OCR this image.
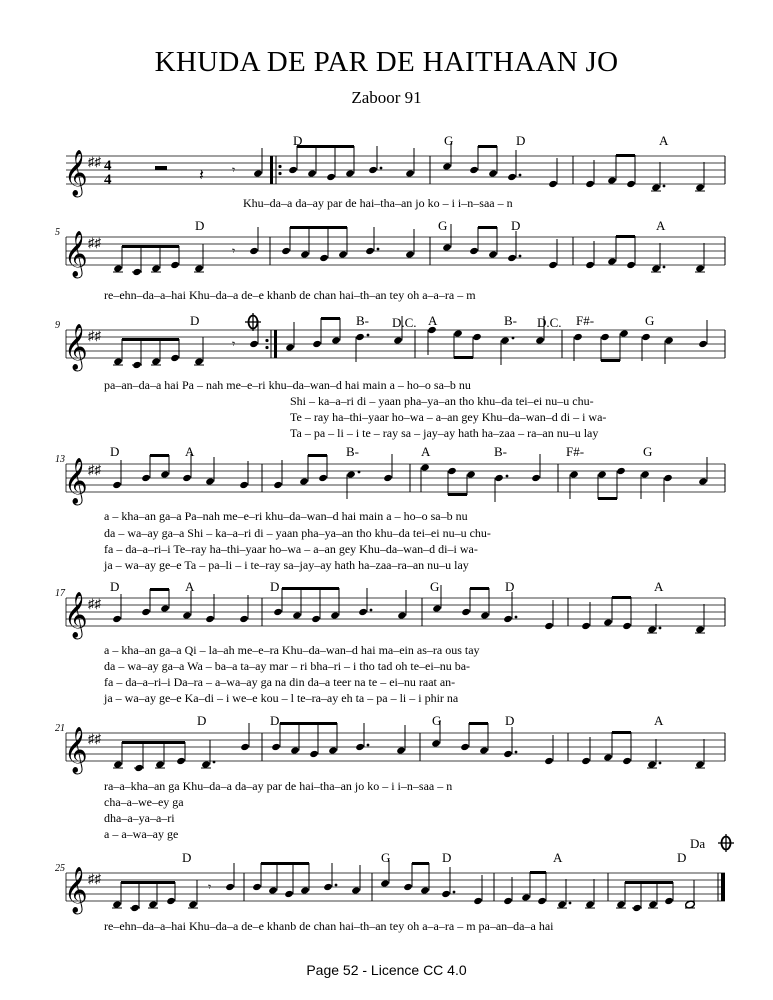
KHUDA DE PAR DE HAITHAAN JO
Zaboor 91
𝄞 ♯♯ 4
4	𝄽 𝄾
D	G	D	A
Khu–da–a da–ay par de hai–tha–an jo ko – i i–n–saa – n
5 𝄞 ♯♯
𝄾
D	G	D	A
re–ehn–da–a–hai Khu–da–a de–e khanb de chan hai–th–an tey oh a–a–ra – m
9 𝄞 ♯♯
𝄾
D	B- D.C. A	B- D.C. F#-	G
pa–an–da–a hai Pa – nah me–e–ri khu–da–wan–d hai main a – ho–o sa–b nu
Shi – ka–a–ri di – yaan pha–ya–an tho khu–da tei–ei nu–u chu-
Te – ray ha–thi–yaar ho–wa – a–an gey Khu–da–wan–d di – i wa-
Ta – pa – li – i te – ray sa – jay–ay hath ha–zaa – ra–an nu–u lay
13 𝄞 ♯♯
D	A	B-	A	B-	F#-	G
a – kha–an ga–a Pa–nah me–e–ri khu–da–wan–d hai main a – ho–o sa–b nu
da – wa–ay ga–a Shi – ka–a–ri di – yaan pha–ya–an tho khu–da tei–ei nu–u chu-
fa – da–a–ri–i Te–ray ha–thi–yaar ho–wa – a–an gey Khu–da–wan–d di–i wa-
ja – wa–ay ge–e Ta – pa–li – i te–ray sa–jay–ay hath ha–zaa–ra–an nu–u lay
17 𝄞 ♯♯
D	A	D	G	D	A
a – kha–an ga–a Qi – la–ah me–e–ra Khu–da–wan–d hai ma–ein as–ra ous tay
da – wa–ay ga–a Wa – ba–a ta–ay mar – ri bha–ri – i tho tad oh te–ei–nu ba-
fa – da–a–ri–i Da–ra – a–wa–ay ga na din da–a teer na te – ei–nu raat an-
ja – wa–ay ge–e Ka–di – i we–e kou – l te–ra–ay eh ta – pa – li – i phir na
21 𝄞 ♯♯
D	D	G	D	A
ra–a–kha–an ga Khu–da–a da–ay par de hai–tha–an jo ko – i i–n–saa – n
cha–a–we–ey ga
dha–a–ya–a–ri
a – a–wa–ay ge
Da
25 𝄞 ♯♯
𝄾
D	G	D	A	D
re–ehn–da–a–hai Khu–da–a de–e khanb de chan hai–th–an tey oh a–a–ra – m pa–an–da–a hai
Page 52 - Licence CC 4.0
